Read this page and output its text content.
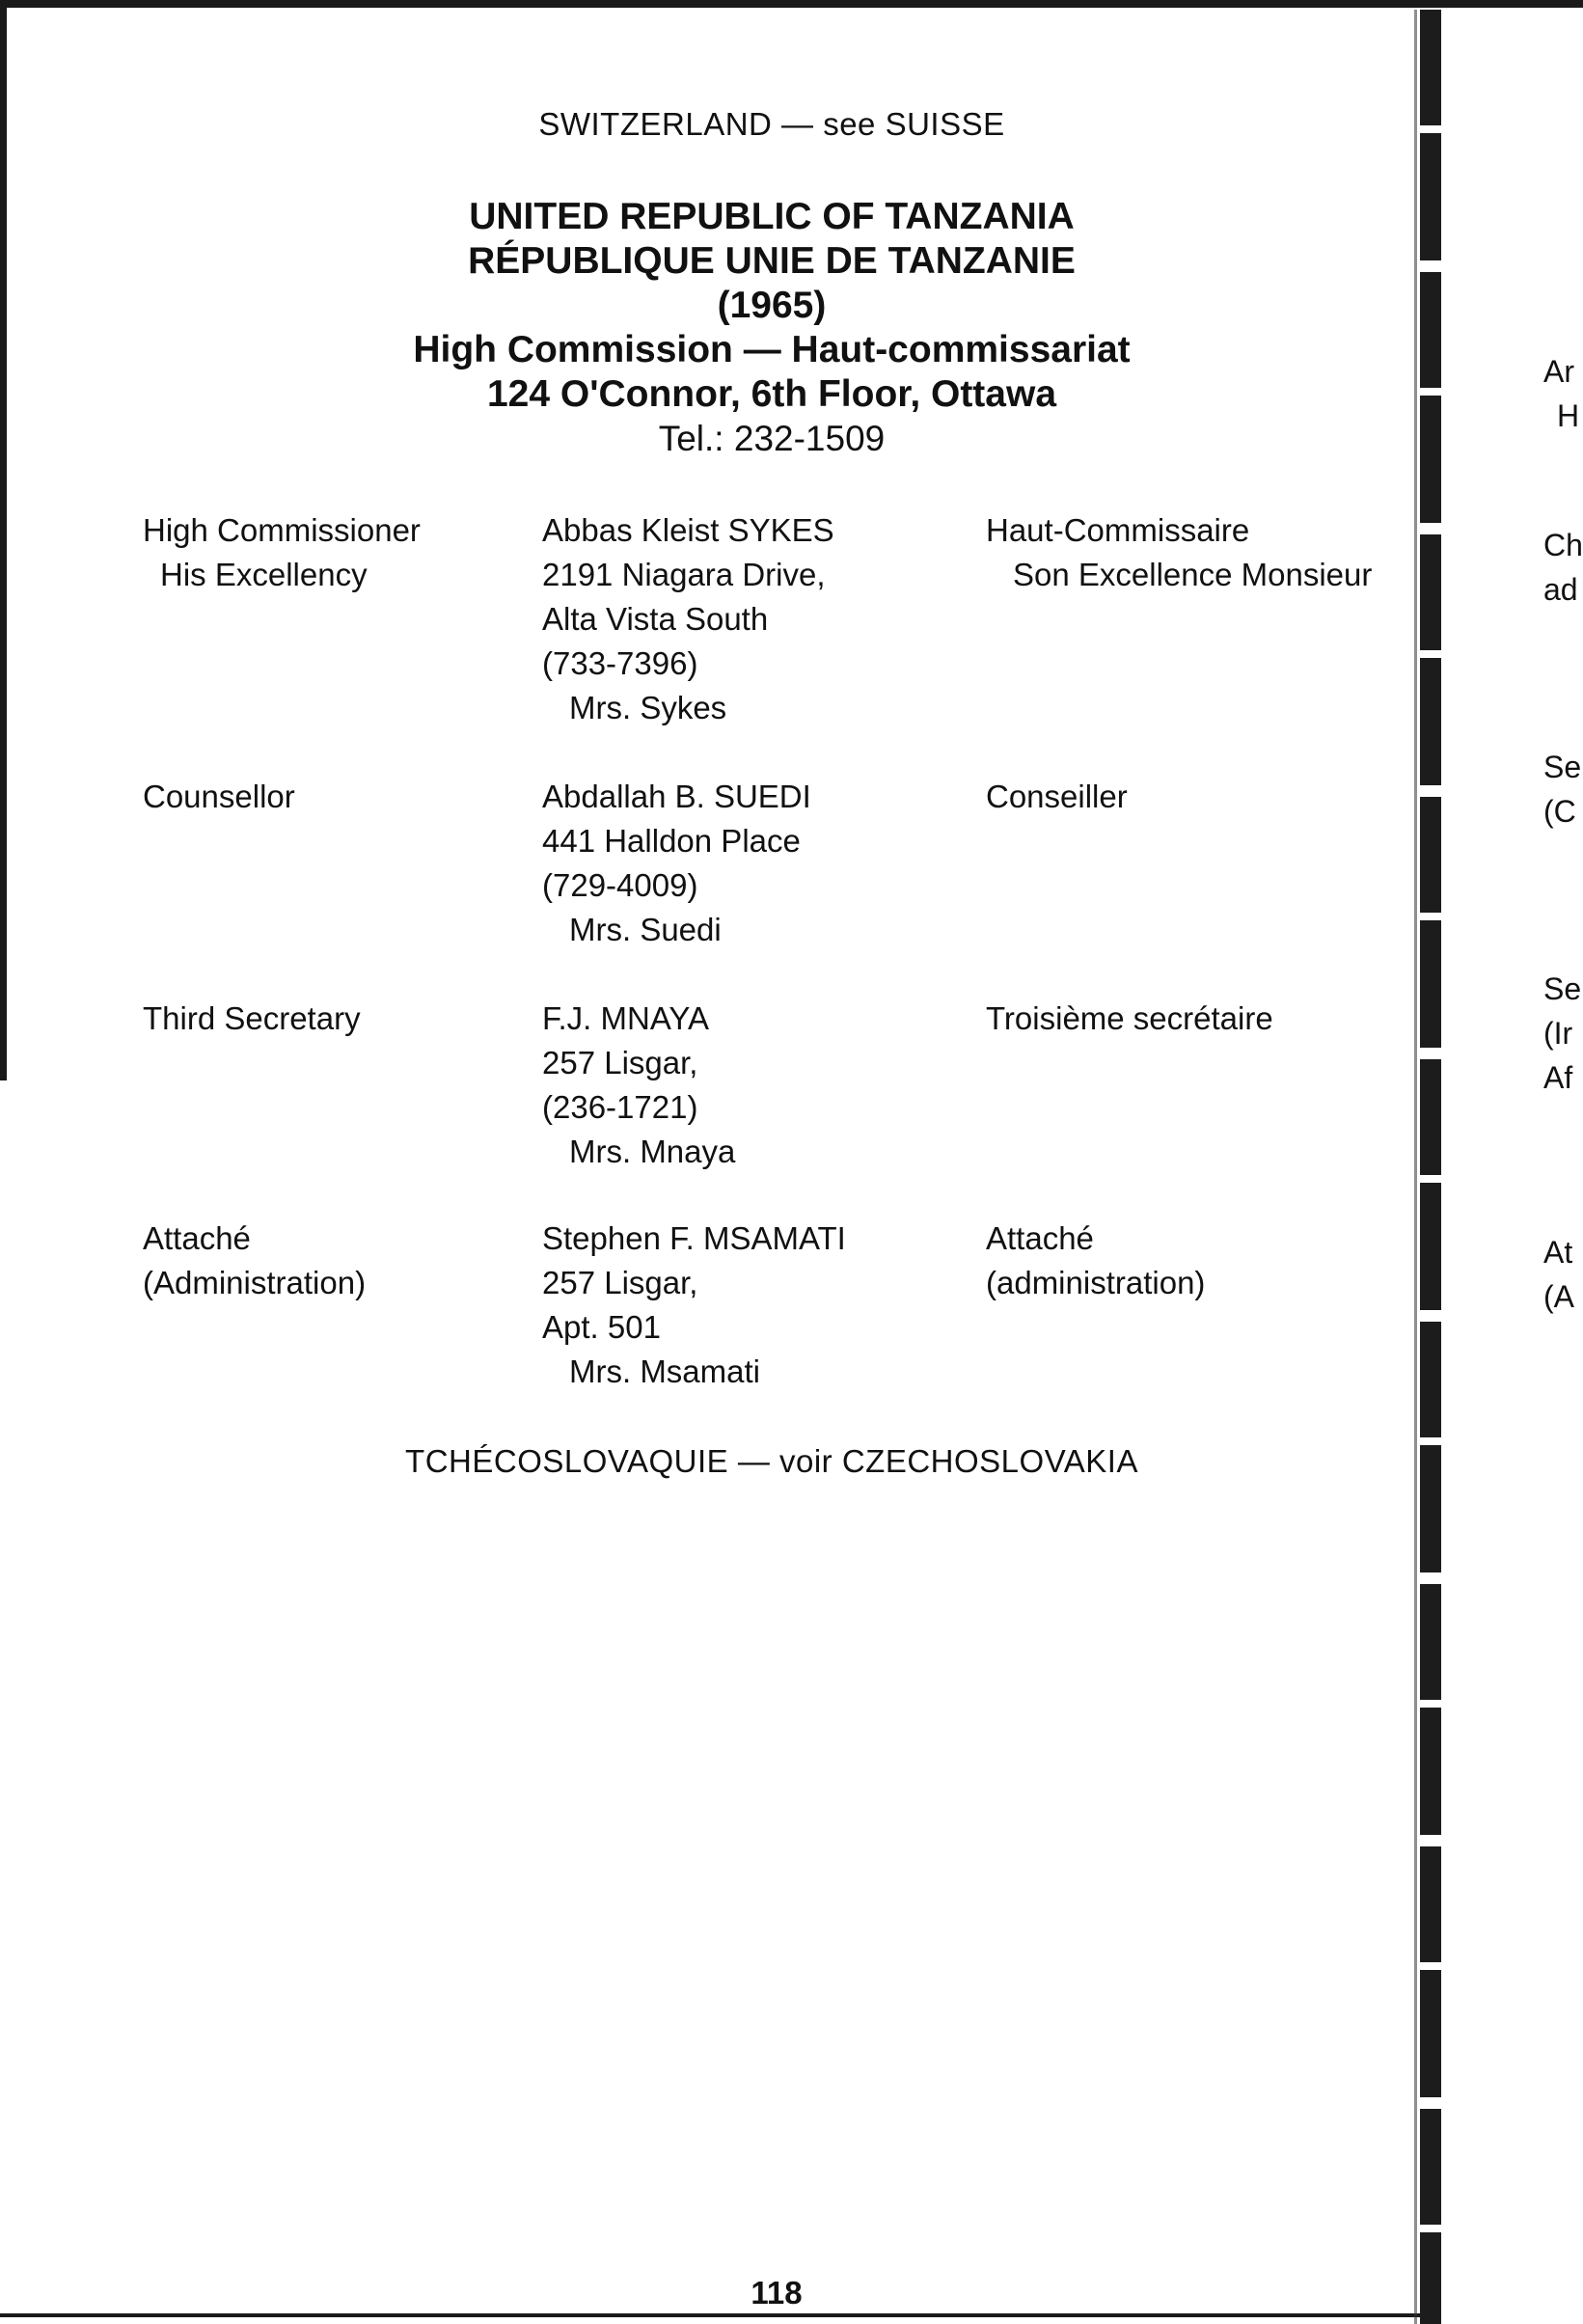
SWITZERLAND — see SUISSE
UNITED REPUBLIC OF TANZANIA
RÉPUBLIQUE UNIE DE TANZANIE
(1965)
High Commission — Haut-commissariat
124 O'Connor, 6th Floor, Ottawa
Tel.: 232-1509
High Commissioner
His Excellency
Abbas Kleist SYKES
2191 Niagara Drive,
Alta Vista South
(733-7396)
Mrs. Sykes
Haut-Commissaire
Son Excellence Monsieur
Counsellor	Abdallah B. SUEDI
441 Halldon Place
(729-4009)
Mrs. Suedi
Conseiller
Third Secretary	F.J. MNAYA
257 Lisgar,
(236-1721)
Mrs. Mnaya
Troisième secrétaire
Attaché
(Administration)
Stephen F. MSAMATI
257 Lisgar,
Apt. 501
Mrs. Msamati
Attaché
(administration)
TCHÉCOSLOVAQUIE — voir CZECHOSLOVAKIA
118
Ar
H
Ch
ad
Se
(C
Se
(Ir
Af
At
(A
